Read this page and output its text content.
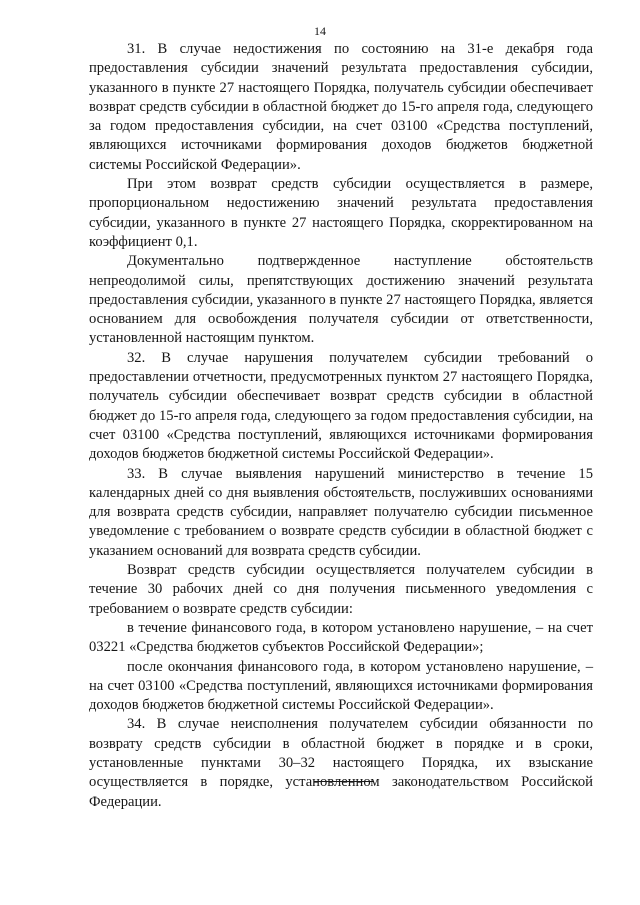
14

31. В случае недостижения по состоянию на 31-е декабря года предоставления субсидии значений результата предоставления субсидии, указанного в пункте 27 настоящего Порядка, получатель субсидии обеспечивает возврат средств субсидии в областной бюджет до 15-го апреля года, следующего за годом предоставления субсидии, на счет 03100 «Средства поступлений, являющихся источниками формирования доходов бюджетов бюджетной системы Российской Федерации».

При этом возврат средств субсидии осуществляется в размере, пропорциональном недостижению значений результата предоставления субсидии, указанного в пункте 27 настоящего Порядка, скорректированном на коэффициент 0,1.

Документально подтвержденное наступление обстоятельств непреодолимой силы, препятствующих достижению значений результата предоставления субсидии, указанного в пункте 27 настоящего Порядка, является основанием для освобождения получателя субсидии от ответственности, установленной настоящим пунктом.

32. В случае нарушения получателем субсидии требований о предоставлении отчетности, предусмотренных пунктом 27 настоящего Порядка, получатель субсидии обеспечивает возврат средств субсидии в областной бюджет до 15-го апреля года, следующего за годом предоставления субсидии, на счет 03100 «Средства поступлений, являющихся источниками формирования доходов бюджетов бюджетной системы Российской Федерации».

33. В случае выявления нарушений министерство в течение 15 календарных дней со дня выявления обстоятельств, послуживших основаниями для возврата средств субсидии, направляет получателю субсидии письменное уведомление с требованием о возврате средств субсидии в областной бюджет с указанием оснований для возврата средств субсидии.

Возврат средств субсидии осуществляется получателем субсидии в течение 30 рабочих дней со дня получения письменного уведомления с требованием о возврате средств субсидии:

в течение финансового года, в котором установлено нарушение, – на счет 03221 «Средства бюджетов субъектов Российской Федерации»;

после окончания финансового года, в котором установлено нарушение, – на счет 03100 «Средства поступлений, являющихся источниками формирования доходов бюджетов бюджетной системы Российской Федерации».

34. В случае неисполнения получателем субсидии обязанности по возврату средств субсидии в областной бюджет в порядке и в сроки, установленные пунктами 30–32 настоящего Порядка, их взыскание осуществляется в порядке, установленном законодательством Российской Федерации.
